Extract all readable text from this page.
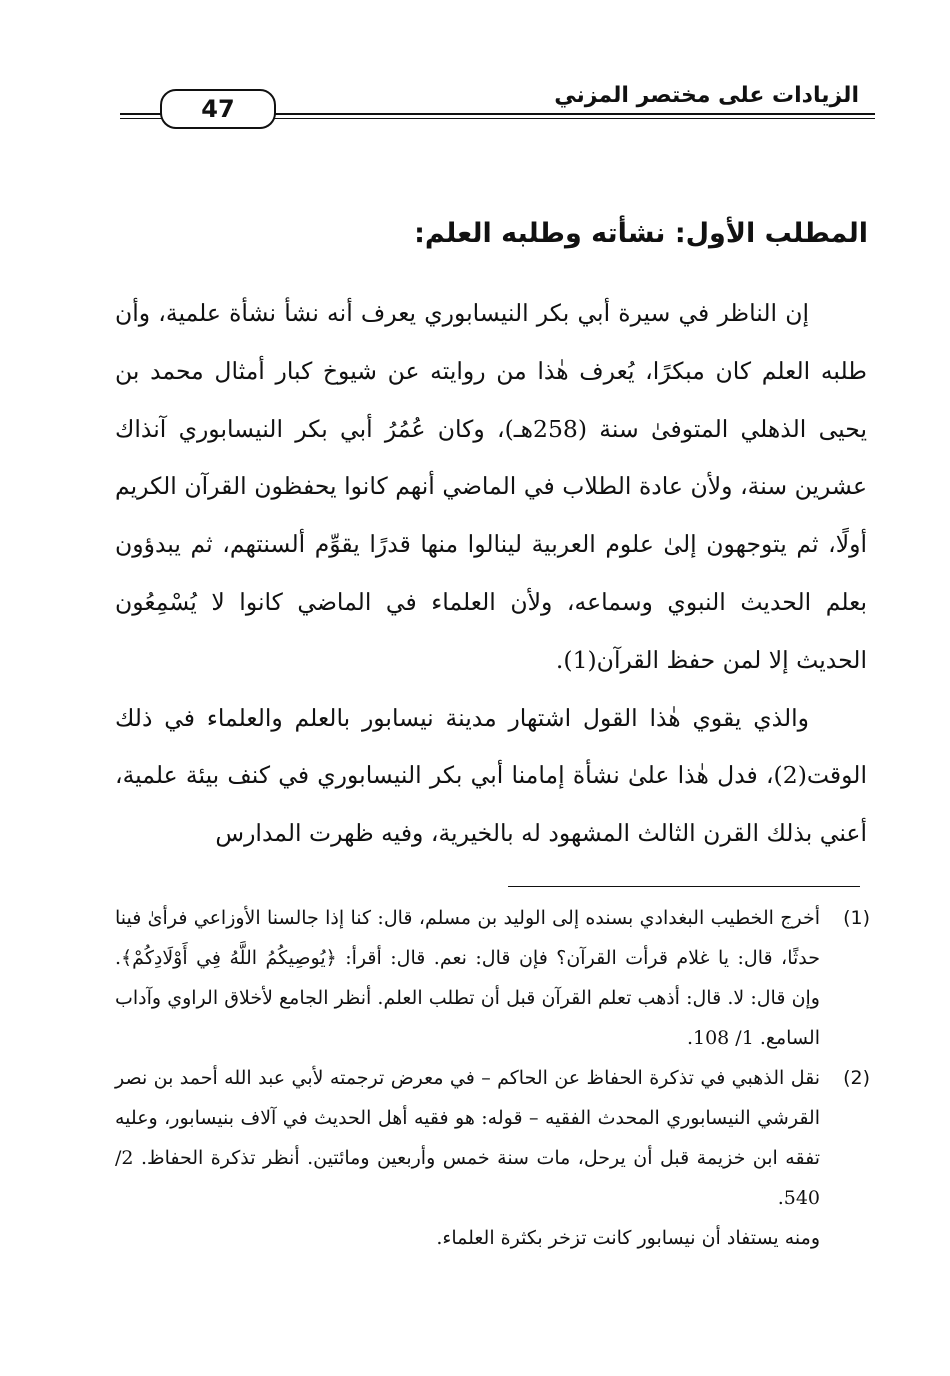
47	الزيادات على مختصر المزني
المطلب الأول: نشأته وطلبه العلم:

إن الناظر في سيرة أبي بكر النيسابوري يعرف أنه نشأ نشأة علمية، وأن طلبه العلم كان مبكرًا، يُعرف هٰذا من روايته عن شيوخ كبار أمثال محمد بن يحيى الذهلي المتوفىٰ سنة (258هـ)، وكان عُمُرُ أبي بكر النيسابوري آنذاك عشرين سنة، ولأن عادة الطلاب في الماضي أنهم كانوا يحفظون القرآن الكريم أولًا، ثم يتوجهون إلىٰ علوم العربية لينالوا منها قدرًا يقوِّم ألسنتهم، ثم يبدؤون بعلم الحديث النبوي وسماعه، ولأن العلماء في الماضي كانوا لا يُسْمِعُون الحديث إلا لمن حفظ القرآن(1).

والذي يقوي هٰذا القول اشتهار مدينة نيسابور بالعلم والعلماء في ذلك الوقت(2)، فدل هٰذا علىٰ نشأة إمامنا أبي بكر النيسابوري في كنف بيئة علمية، أعني بذلك القرن الثالث المشهود له بالخيرية، وفيه ظهرت المدارس

(1)
أخرج الخطيب البغدادي بسنده إلى الوليد بن مسلم، قال: كنا إذا جالسنا الأوزاعي فرأىٰ فينا حدثًا، قال: يا غلام قرأت القرآن؟ فإن قال: نعم. قال: أقرأ: ﴿يُوصِيكُمُ اللَّهُ فِي أَوْلَادِكُمْ﴾. وإن قال: لا. قال: أذهب تعلم القرآن قبل أن تطلب العلم. أنظر الجامع لأخلاق الراوي وآداب السامع. 1/ 108.
(2)
نقل الذهبي في تذكرة الحفاظ عن الحاكم – في معرض ترجمته لأبي عبد الله أحمد بن نصر القرشي النيسابوري المحدث الفقيه – قوله: هو فقيه أهل الحديث في آلاف بنيسابور، وعليه تفقه ابن خزيمة قبل أن يرحل، مات سنة خمس وأربعين ومائتين. أنظر تذكرة الحفاظ. 2/ 540.
ومنه يستفاد أن نيسابور كانت تزخر بكثرة العلماء.
